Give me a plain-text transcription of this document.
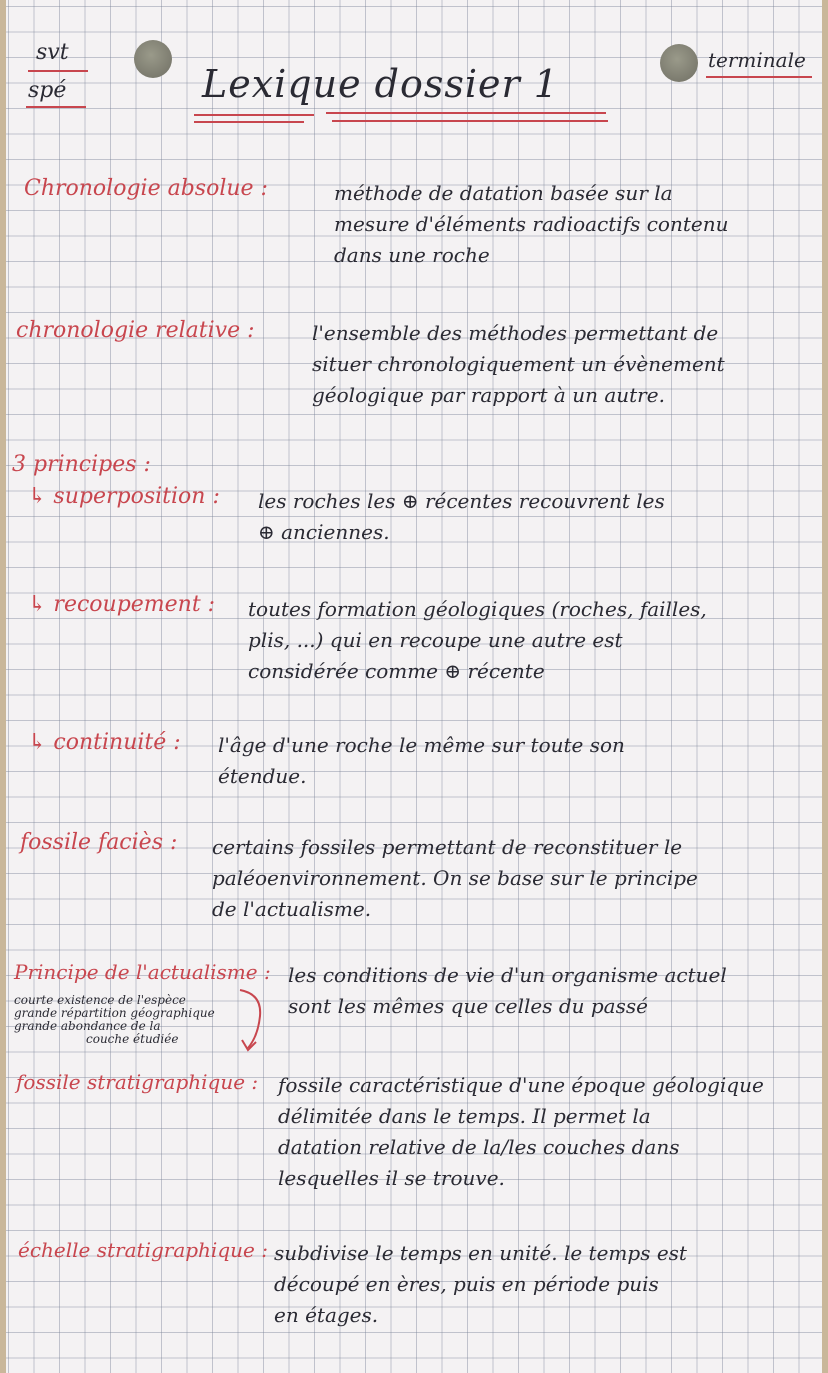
svt
spé	Lexique dossier 1
terminale
Chronologie absolue :	méthode de datation basée sur la
mesure d'éléments radioactifs contenu
dans une roche
chronologie relative :	l'ensemble des méthodes permettant de
situer chronologiquement un évènement
géologique par rapport à un autre.
3 principes :
↳ superposition : les roches les ⊕ récentes recouvrent les
⊕ anciennes.
↳ recoupement : toutes formation géologiques (roches, failles,
plis, ...) qui en recoupe une autre est
considérée comme ⊕ récente
↳ continuité : l'âge d'une roche le même sur toute son
étendue.
fossile faciès : certains fossiles permettant de reconstituer le
paléoenvironnement. On se base sur le principe
de l'actualisme.
Principe de l'actualisme : les conditions de vie d'un organisme actuel
sont les mêmes que celles du passé
courte existence de l'espèce
grande répartition géographique
grande abondance de la
couche étudiée
fossile stratigraphique : fossile caractéristique d'une époque géologique
délimitée dans le temps. Il permet la
datation relative de la/les couches dans
lesquelles il se trouve.
échelle stratigraphique : subdivise le temps en unité. le temps est
découpé en ères, puis en période puis
en étages.
